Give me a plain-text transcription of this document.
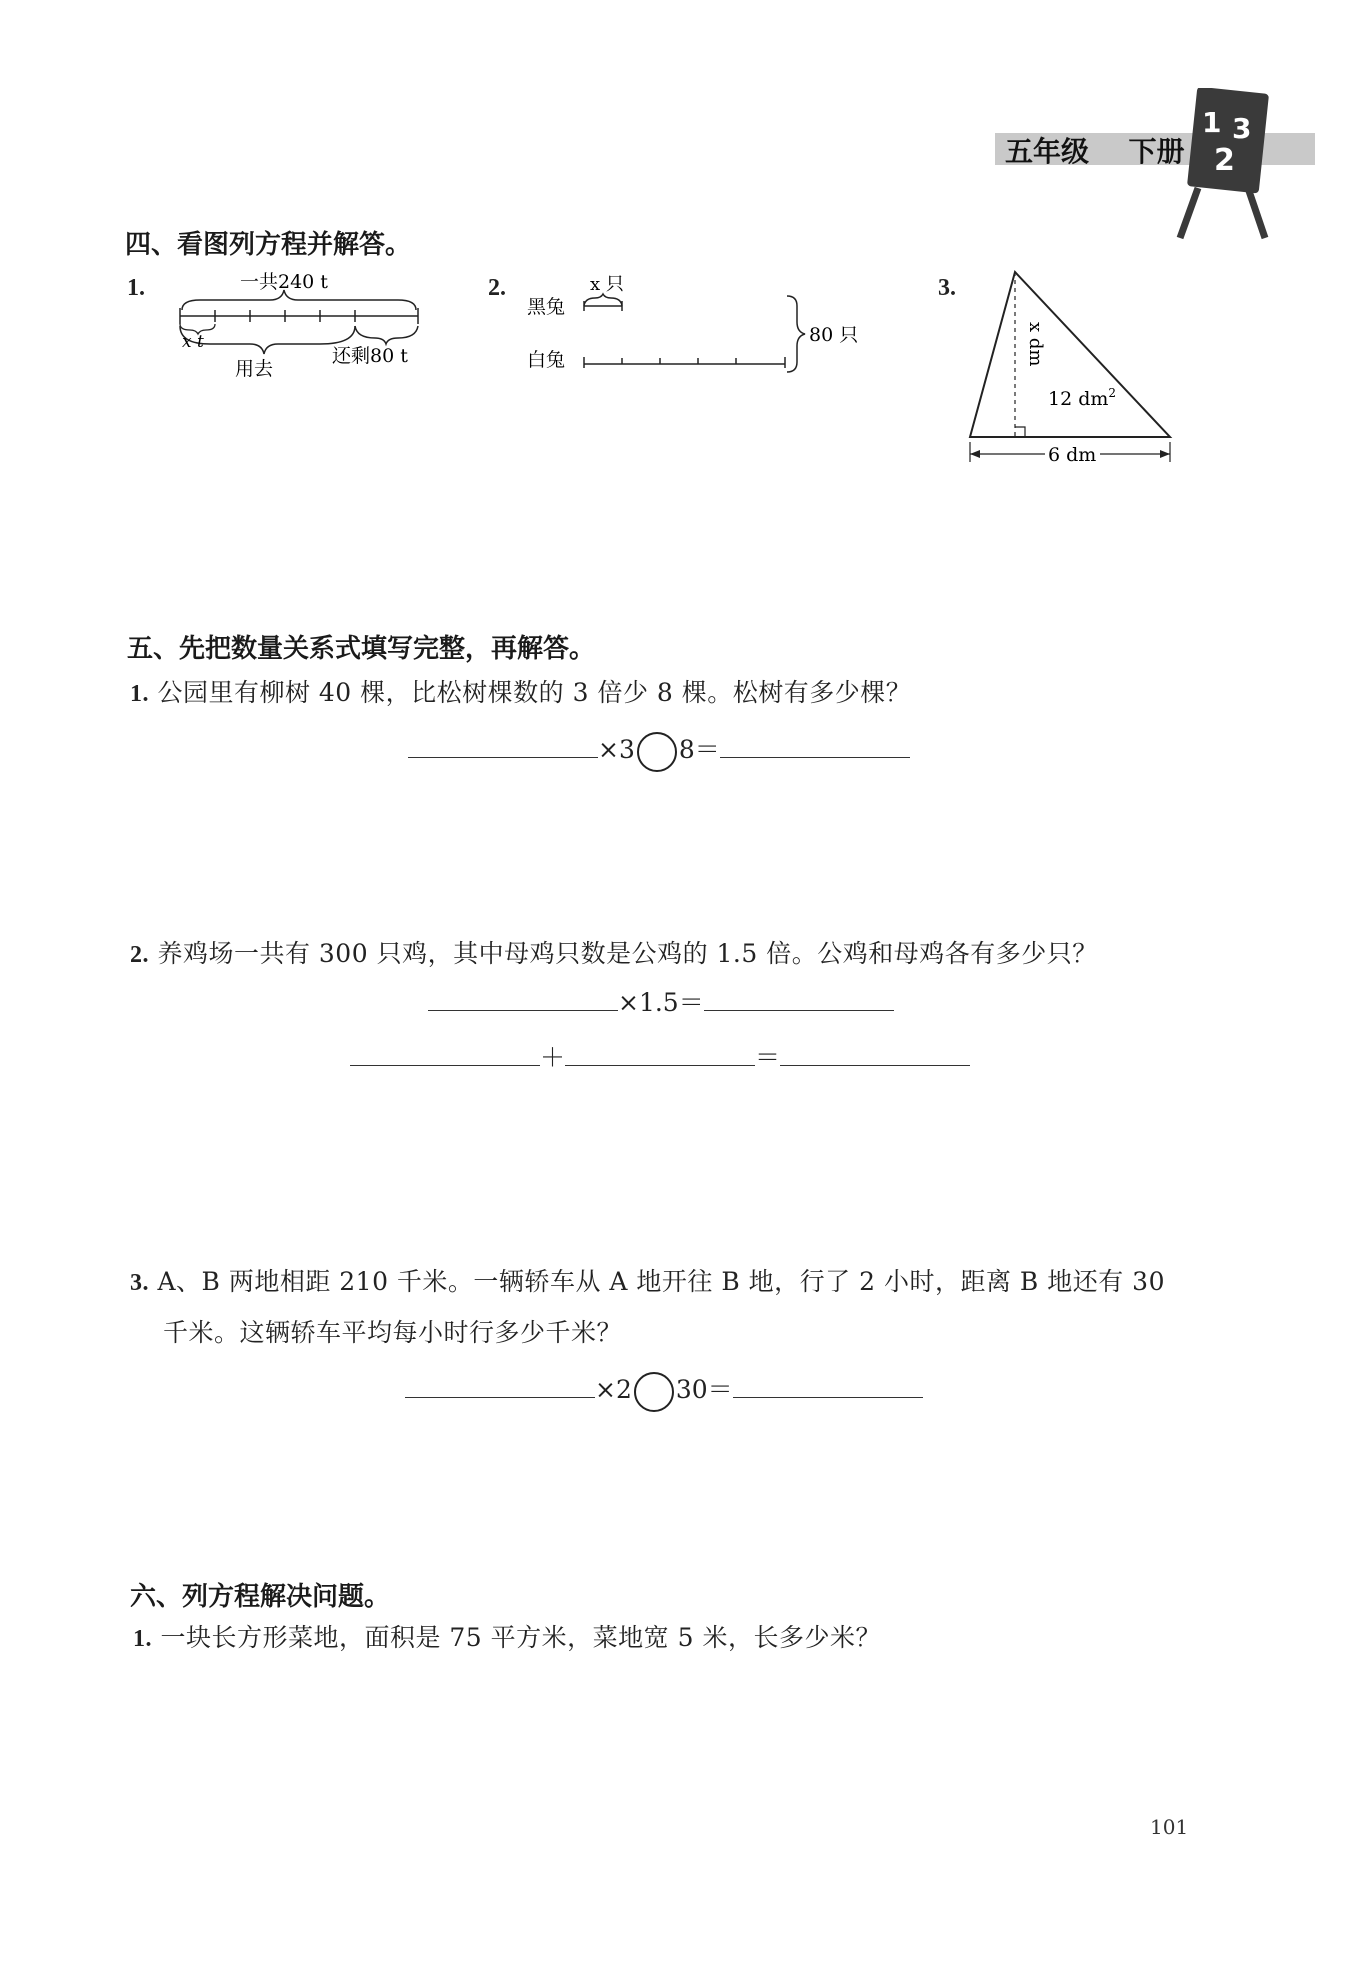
五年级 下册
1 3
2
四、看图列方程并解答。
1.	一共240 t
x t
用去
还剩80 t
2.
黑兔
白兔
x 只
80 只
3.
x dm
12 $dm^2$
6 dm
五、先把数量关系式填写完整，再解答。
1. 公园里有柳树 40 棵，比松树棵数的 3 倍少 8 棵。松树有多少棵？
×3 8＝
2. 养鸡场一共有 300 只鸡，其中母鸡只数是公鸡的 1.5 倍。公鸡和母鸡各有多少只？
×1.5＝
＋	＝
3. A、B 两地相距 210 千米。一辆轿车从 A 地开往 B 地，行了 2 小时，距离 B 地还有 30
千米。这辆轿车平均每小时行多少千米？
×2 30＝
六、列方程解决问题。
1. 一块长方形菜地，面积是 75 平方米，菜地宽 5 米，长多少米？
101
